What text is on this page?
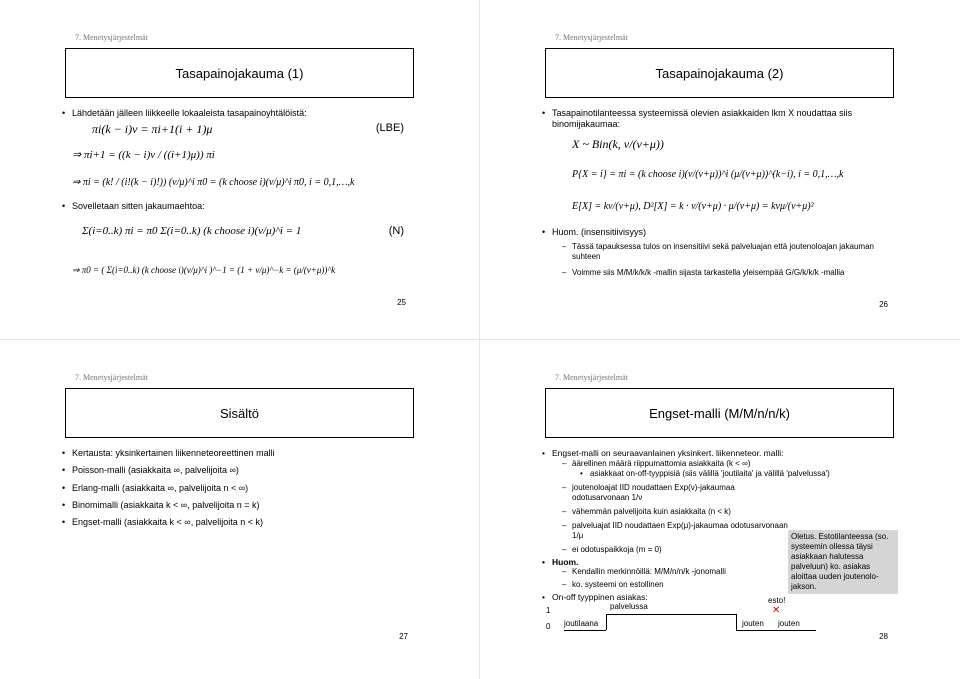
7. Menetysjärjestelmät
Tasapainojakauma (1)
• Lähdetään jälleen liikkeelle lokaaleista tasapainoyhtälöistä:
πi(k − i)ν = πi+1(i + 1)μ	(LBE)
⇒ πi+1 = ((k − i)ν / ((i+1)μ)) πi
⇒ πi = (k! / (i!(k − i)!)) (ν/μ)^i π0 = (k choose i)(ν/μ)^i π0, i = 0,1,…,k
• Sovelletaan sitten jakaumaehtoa:
Σ(i=0..k) πi = π0 Σ(i=0..k) (k choose i)(ν/μ)^i = 1	(N)
⇒ π0 = ( Σ(i=0..k) (k choose i)(ν/μ)^i )^−1 = (1 + ν/μ)^−k = (μ/(ν+μ))^k
25
7. Menetysjärjestelmät
Tasapainojakauma (2)
• Tasapainotilanteessa systeemissä olevien asiakkaiden lkm X noudattaa siis binomijakaumaa:
X ~ Bin(k, ν/(ν+μ))
P{X = i} = πi = (k choose i)(ν/(ν+μ))^i (μ/(ν+μ))^(k−i), i = 0,1,…,k
E[X] = kν/(ν+μ), D²[X] = k · ν/(ν+μ) · μ/(ν+μ) = kνμ/(ν+μ)²
• Huom. (insensitiivisyys)
– Tässä tapauksessa tulos on insensitiivi sekä palveluajan että joutenoloajan jakauman suhteen
– Voimme siis M/M/k/k/k -mallin sijasta tarkastella yleisempää G/G/k/k/k -mallia
26
7. Menetysjärjestelmät
Sisältö
• Kertausta: yksinkertainen liikenneteoreettinen malli
• Poisson-malli (asiakkaita ∞, palvelijoita ∞)
• Erlang-malli (asiakkaita ∞, palvelijoita n < ∞)
• Binomimalli (asiakkaita k < ∞, palvelijoita n = k)
• Engset-malli (asiakkaita k < ∞, palvelijoita n < k)
27
7. Menetysjärjestelmät
Engset-malli (M/M/n/n/k)
• Engset-malli on seuraavanlainen yksinkert. liikenneteor. malli:
– äärellinen määrä riippumattomia asiakkaita (k < ∞)
• asiakkaat on-off-tyyppisiä (siis välillä 'joutilaita' ja välillä 'palvelussa')
– joutenoloajat IID noudattaen Exp(ν)-jakaumaa odotusarvonaan 1/ν
– vähemmän palvelijoita kuin asiakkaita (n < k)
– palveluajat IID noudattaen Exp(μ)-jakaumaa odotusarvonaan 1/μ
– ei odotuspaikkoja (m = 0)
• Huom.
– Kendallin merkinnöillä: M/M/n/n/k -jonomalli
– ko. systeemi on estollinen
• On-off tyyppinen asiakas:
Oletus. Estotilanteessa (so. systeemin ollessa täysi asiakkaan halutessa palveluun) ko. asiakas aloittaa uuden joutenolo-jakson.
1
0
palvelussa
joutilaana	jouten jouten
esto!
✕
28
